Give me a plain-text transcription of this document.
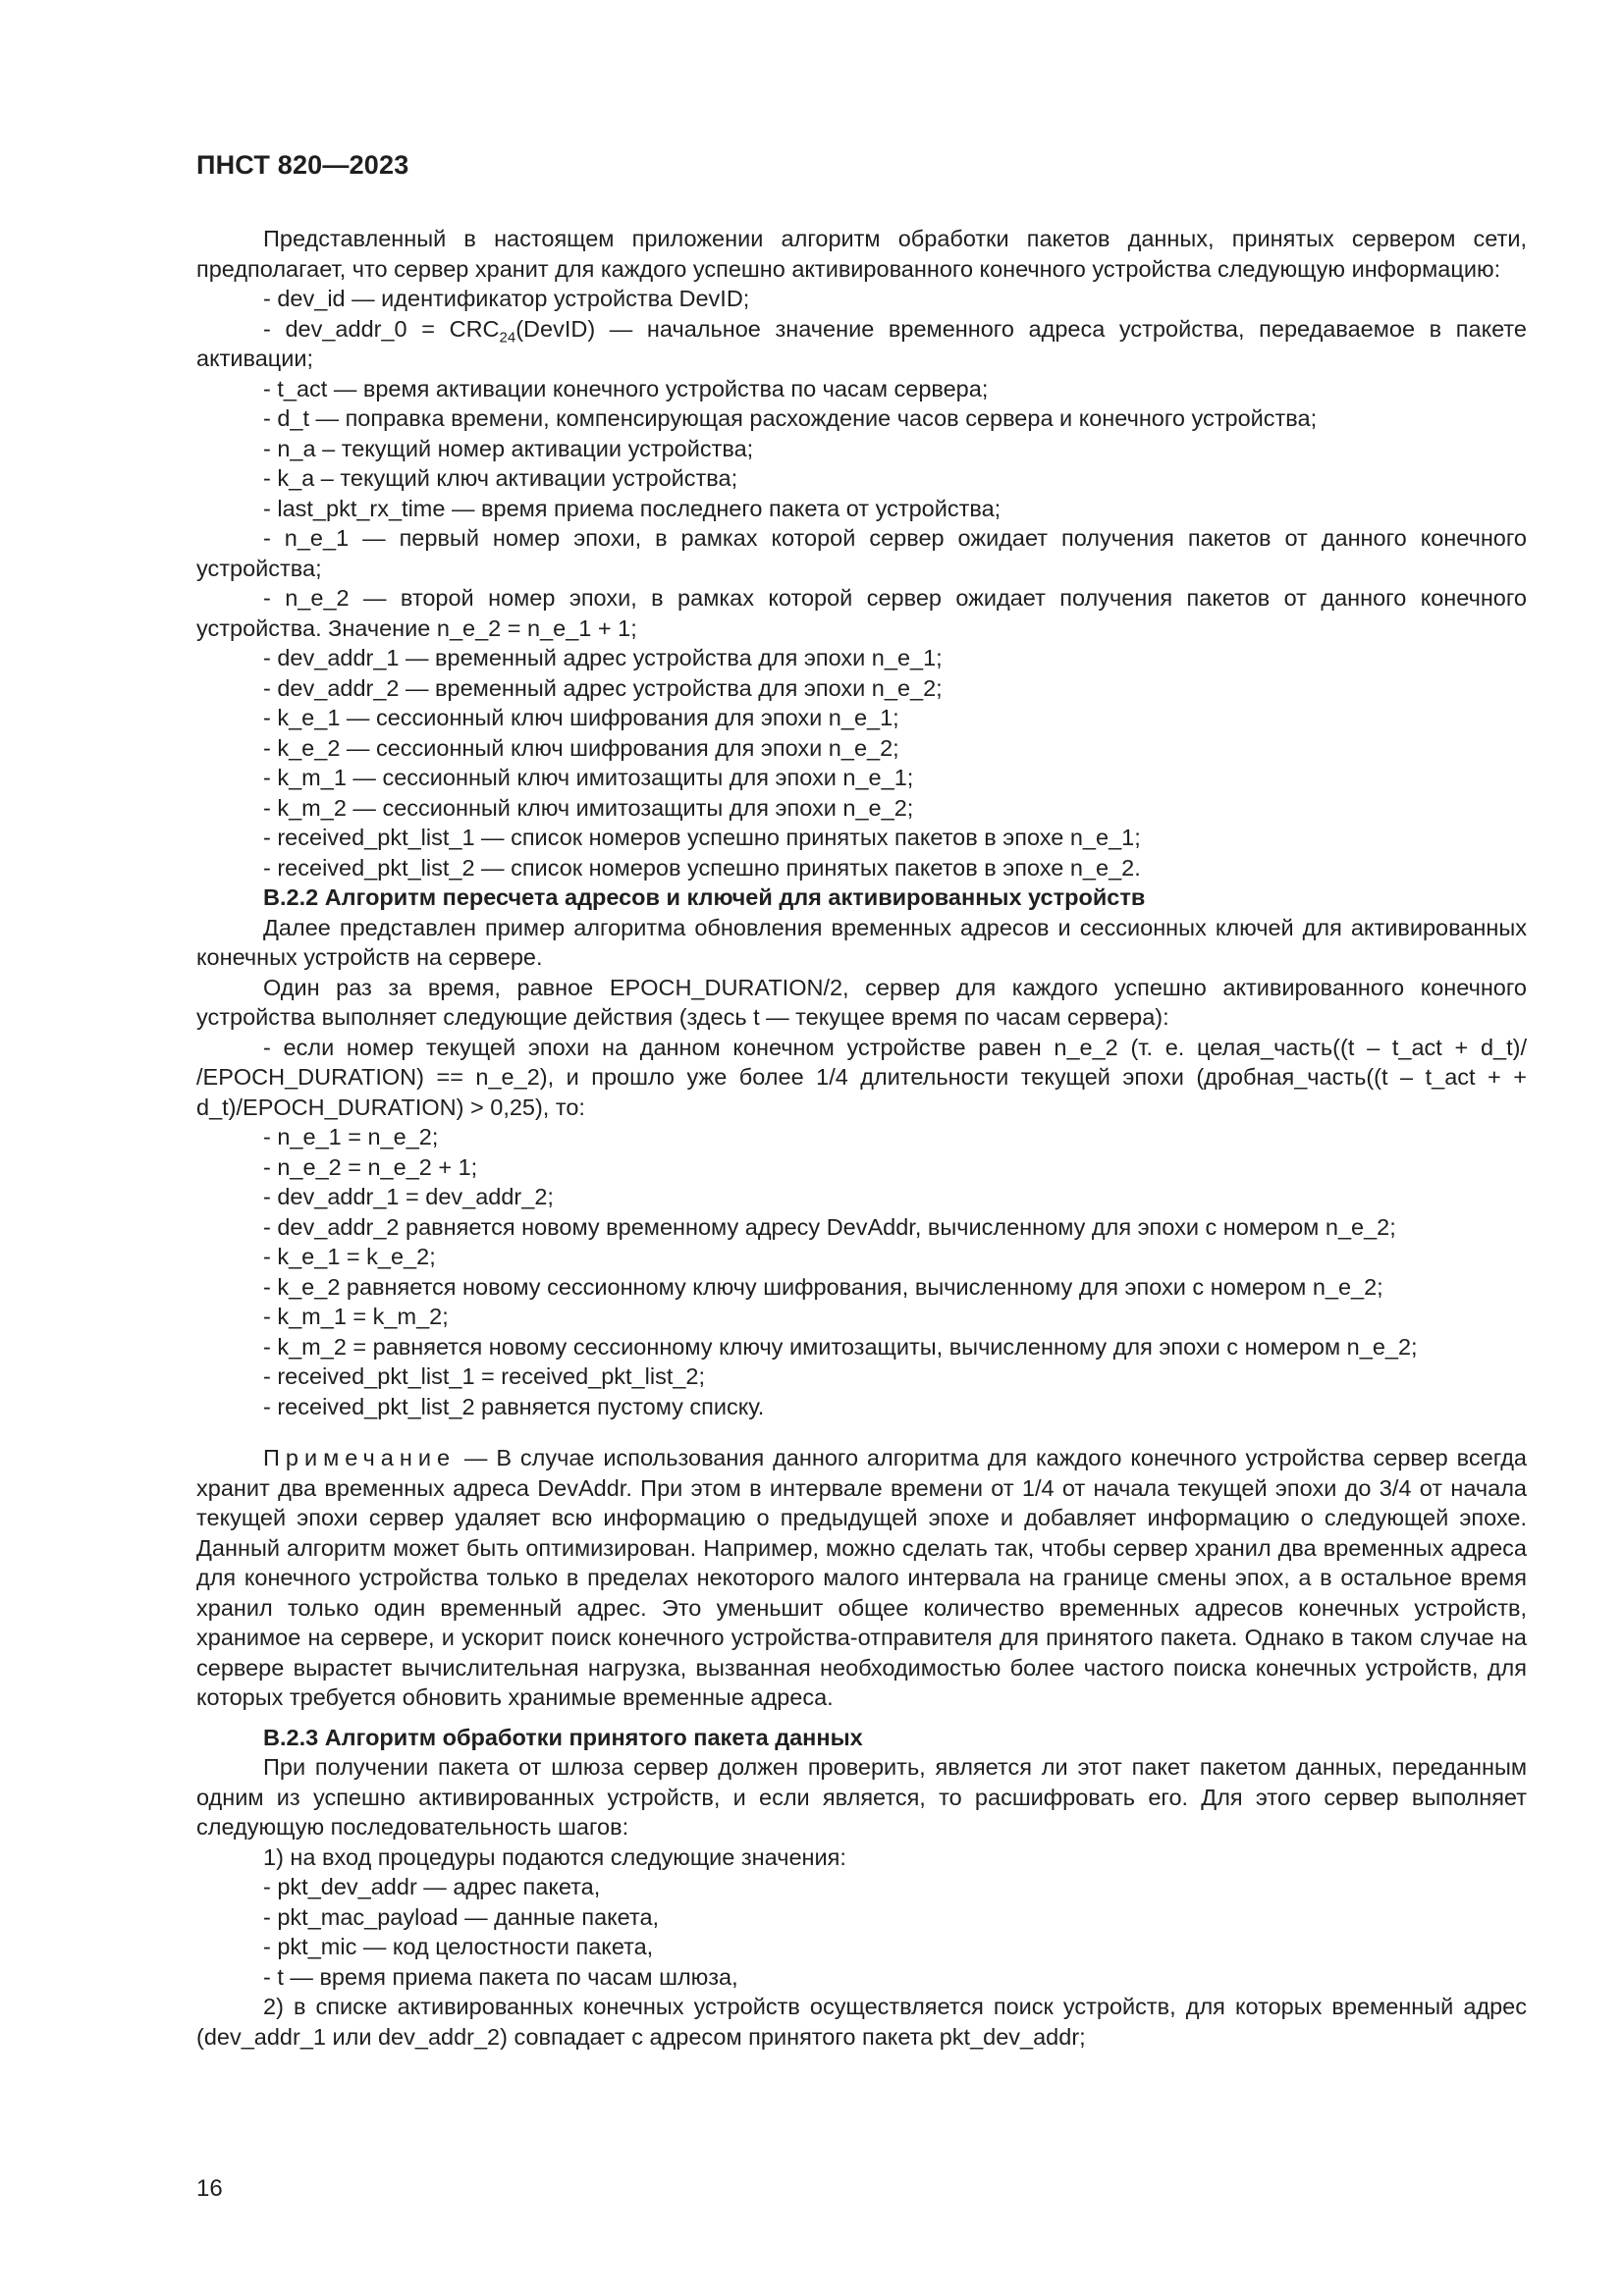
ПНСТ 820—2023

Представленный в настоящем приложении алгоритм обработки пакетов данных, принятых сервером сети, предполагает, что сервер хранит для каждого успешно активированного конечного устройства следующую информацию:

- dev_id — идентификатор устройства DevID;

- dev_addr_0 = $CRC_{24}(DevID)$ — начальное значение временного адреса устройства, передаваемое в пакете активации;

- t_act — время активации конечного устройства по часам сервера;

- d_t — поправка времени, компенсирующая расхождение часов сервера и конечного устройства;

- n_a – текущий номер активации устройства;

- k_a – текущий ключ активации устройства;

- last_pkt_rx_time — время приема последнего пакета от устройства;

- n_e_1 — первый номер эпохи, в рамках которой сервер ожидает получения пакетов от данного конечного устройства;

- n_e_2 — второй номер эпохи, в рамках которой сервер ожидает получения пакетов от данного конечного устройства. Значение n_e_2 = n_e_1 + 1;

- dev_addr_1 — временный адрес устройства для эпохи n_e_1;

- dev_addr_2 — временный адрес устройства для эпохи n_e_2;

- k_e_1 — сессионный ключ шифрования для эпохи n_e_1;

- k_e_2 — сессионный ключ шифрования для эпохи n_e_2;

- k_m_1 — сессионный ключ имитозащиты для эпохи n_e_1;

- k_m_2 — сессионный ключ имитозащиты для эпохи n_e_2;

- received_pkt_list_1 — список номеров успешно принятых пакетов в эпохе n_e_1;

- received_pkt_list_2 — список номеров успешно принятых пакетов в эпохе n_e_2.

В.2.2 Алгоритм пересчета адресов и ключей для активированных устройств

Далее представлен пример алгоритма обновления временных адресов и сессионных ключей для активированных конечных устройств на сервере.

Один раз за время, равное EPOCH_DURATION/2, сервер для каждого успешно активированного конечного устройства выполняет следующие действия (здесь t — текущее время по часам сервера):

- если номер текущей эпохи на данном конечном устройстве равен n_e_2 (т. е. целая_часть((t – t_act + d_t)/ /EPOCH_DURATION) == n_e_2), и прошло уже более 1/4 длительности текущей эпохи (дробная_часть((t – t_act + + d_t)/EPOCH_DURATION) > 0,25), то:

- n_e_1 = n_e_2;

- n_e_2 = n_e_2 + 1;

- dev_addr_1 = dev_addr_2;

- dev_addr_2 равняется новому временному адресу DevAddr, вычисленному для эпохи с номером n_e_2;

- k_e_1 = k_e_2;

- k_e_2 равняется новому сессионному ключу шифрования, вычисленному для эпохи с номером n_e_2;

- k_m_1 = k_m_2;

- k_m_2 = равняется новому сессионному ключу имитозащиты, вычисленному для эпохи с номером n_e_2;

- received_pkt_list_1 = received_pkt_list_2;

- received_pkt_list_2 равняется пустому списку.

Примечание — В случае использования данного алгоритма для каждого конечного устройства сервер всегда хранит два временных адреса DevAddr. При этом в интервале времени от 1/4 от начала текущей эпохи до 3/4 от начала текущей эпохи сервер удаляет всю информацию о предыдущей эпохе и добавляет информацию о следующей эпохе. Данный алгоритм может быть оптимизирован. Например, можно сделать так, чтобы сервер хранил два временных адреса для конечного устройства только в пределах некоторого малого интервала на границе смены эпох, а в остальное время хранил только один временный адрес. Это уменьшит общее количество временных адресов конечных устройств, хранимое на сервере, и ускорит поиск конечного устройства-отправителя для принятого пакета. Однако в таком случае на сервере вырастет вычислительная нагрузка, вызванная необходимостью более частого поиска конечных устройств, для которых требуется обновить хранимые временные адреса.

В.2.3 Алгоритм обработки принятого пакета данных

При получении пакета от шлюза сервер должен проверить, является ли этот пакет пакетом данных, переданным одним из успешно активированных устройств, и если является, то расшифровать его. Для этого сервер выполняет следующую последовательность шагов:

1) на вход процедуры подаются следующие значения:

- pkt_dev_addr — адрес пакета,

- pkt_mac_payload — данные пакета,

- pkt_mic — код целостности пакета,

- t — время приема пакета по часам шлюза,

2) в списке активированных конечных устройств осуществляется поиск устройств, для которых временный адрес (dev_addr_1 или dev_addr_2) совпадает с адресом принятого пакета pkt_dev_addr;

16
